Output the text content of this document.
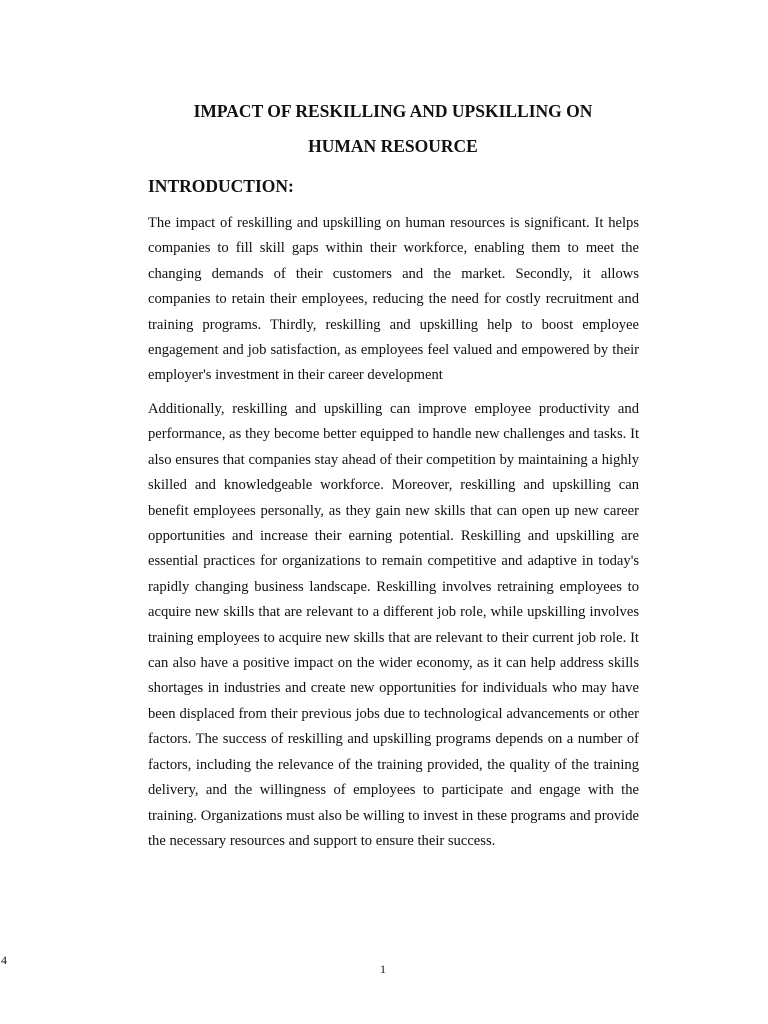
IMPACT OF RESKILLING AND UPSKILLING ON
HUMAN RESOURCE
INTRODUCTION:

The impact of reskilling and upskilling on human resources is significant. It helps companies to fill skill gaps within their workforce, enabling them to meet the changing demands of their customers and the market. Secondly, it allows companies to retain their employees, reducing the need for costly recruitment and training programs. Thirdly, reskilling and upskilling help to boost employee engagement and job satisfaction, as employees feel valued and empowered by their employer's investment in their career development

Additionally, reskilling and upskilling can improve employee productivity and performance, as they become better equipped to handle new challenges and tasks. It also ensures that companies stay ahead of their competition by maintaining a highly skilled and knowledgeable workforce. Moreover, reskilling and upskilling can benefit employees personally, as they gain new skills that can open up new career opportunities and increase their earning potential. Reskilling and upskilling are essential practices for organizations to remain competitive and adaptive in today's rapidly changing business landscape. Reskilling involves retraining employees to acquire new skills that are relevant to a different job role, while upskilling involves training employees to acquire new skills that are relevant to their current job role. It can also have a positive impact on the wider economy, as it can help address skills shortages in industries and create new opportunities for individuals who may have been displaced from their previous jobs due to technological advancements or other factors. The success of reskilling and upskilling programs depends on a number of factors, including the relevance of the training provided, the quality of the training delivery, and the willingness of employees to participate and engage with the training. Organizations must also be willing to invest in these programs and provide the necessary resources and support to ensure their success.

4
1
